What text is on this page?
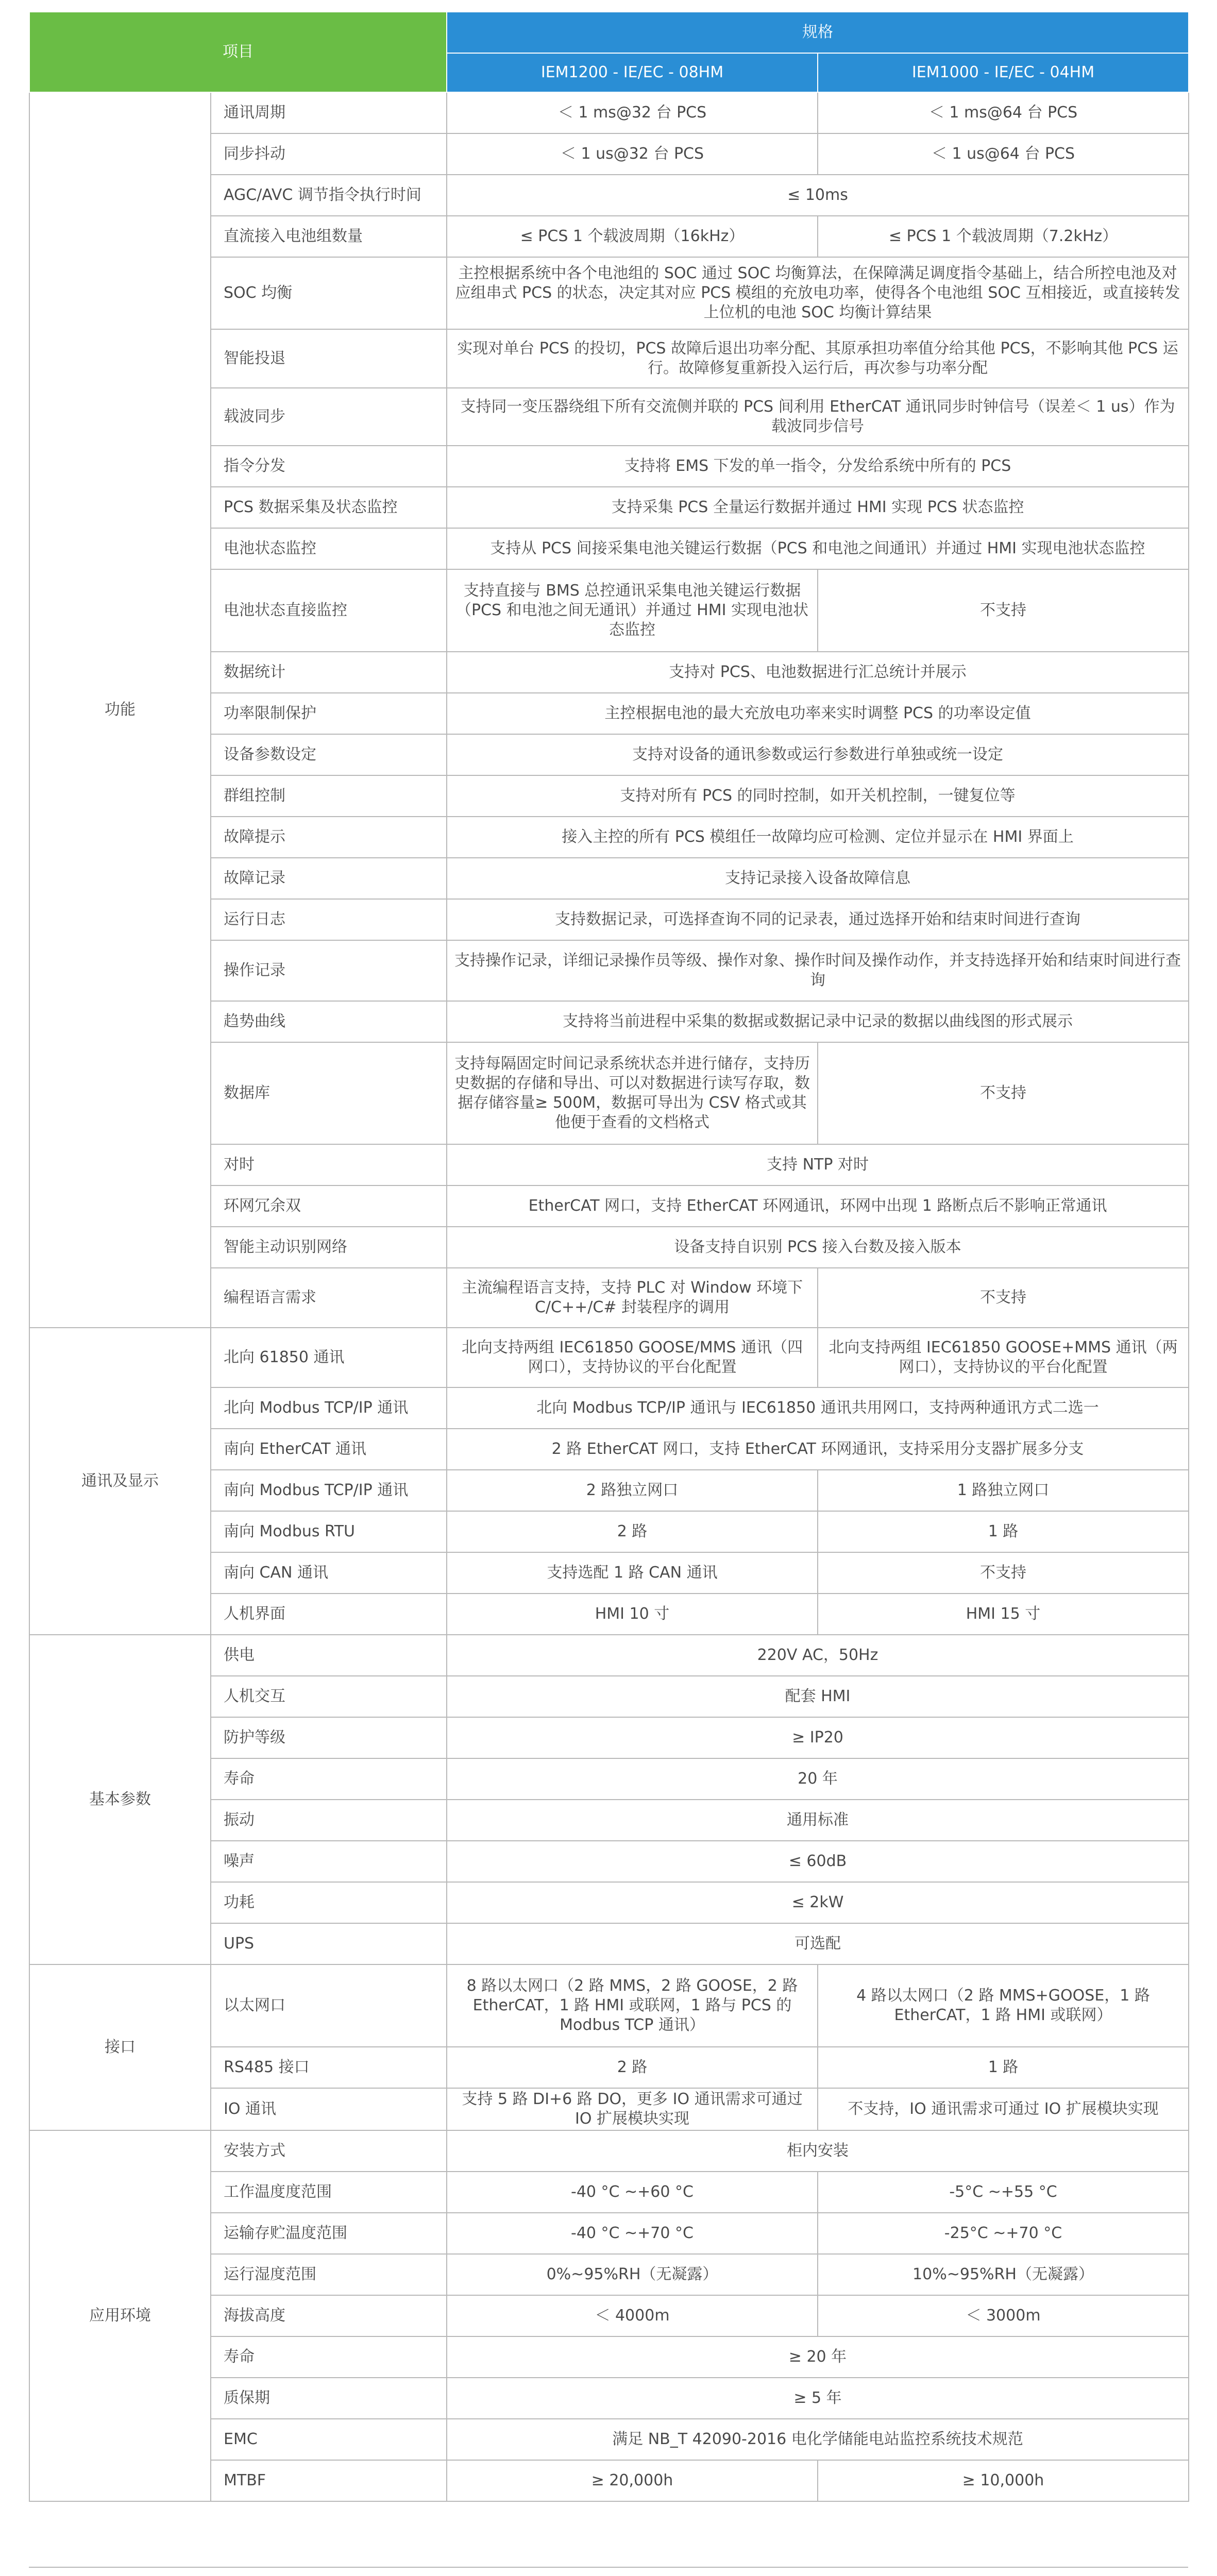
项目		规格	
		IEM1200 - IE/EC - 08HM	IEM1000 - IE/EC - 04HM
功能	通讯周期	＜ 1 ms@32 台 PCS	＜ 1 ms@64 台 PCS
	同步抖动	＜ 1 us@32 台 PCS	＜ 1 us@64 台 PCS
	AGC/AVC 调节指令执行时间	≤ 10ms	
	直流接入电池组数量	≤ PCS 1 个载波周期（16kHz）	≤ PCS 1 个载波周期（7.2kHz）
	SOC 均衡	主控根据系统中各个电池组的 SOC 通过 SOC 均衡算法，在保障满足调度指令基础上，结合所控电池及对应组串式 PCS 的状态，决定其对应 PCS 模组的充放电功率，使得各个电池组 SOC 互相接近，或直接转发上位机的电池 SOC 均衡计算结果	
	智能投退	实现对单台 PCS 的投切，PCS 故障后退出功率分配、其原承担功率值分给其他 PCS，不影响其他 PCS 运行。故障修复重新投入运行后，再次参与功率分配	
	载波同步	支持同一变压器绕组下所有交流侧并联的 PCS 间利用 EtherCAT 通讯同步时钟信号（误差＜ 1 us）作为载波同步信号	
	指令分发	支持将 EMS 下发的单一指令，分发给系统中所有的 PCS	
	PCS 数据采集及状态监控	支持采集 PCS 全量运行数据并通过 HMI 实现 PCS 状态监控	
	电池状态监控	支持从 PCS 间接采集电池关键运行数据（PCS 和电池之间通讯）并通过 HMI 实现电池状态监控	
	电池状态直接监控	支持直接与 BMS 总控通讯采集电池关键运行数据（PCS 和电池之间无通讯）并通过 HMI 实现电池状态监控	不支持
	数据统计	支持对 PCS、电池数据进行汇总统计并展示	
	功率限制保护	主控根据电池的最大充放电功率来实时调整 PCS 的功率设定值	
	设备参数设定	支持对设备的通讯参数或运行参数进行单独或统一设定	
	群组控制	支持对所有 PCS 的同时控制，如开关机控制，一键复位等	
	故障提示	接入主控的所有 PCS 模组任一故障均应可检测、定位并显示在 HMI 界面上	
	故障记录	支持记录接入设备故障信息	
	运行日志	支持数据记录，可选择查询不同的记录表，通过选择开始和结束时间进行查询	
	操作记录	支持操作记录，详细记录操作员等级、操作对象、操作时间及操作动作，并支持选择开始和结束时间进行查询	
	趋势曲线	支持将当前进程中采集的数据或数据记录中记录的数据以曲线图的形式展示	
	数据库	支持每隔固定时间记录系统状态并进行储存，支持历史数据的存储和导出、可以对数据进行读写存取，数据存储容量≥ 500M，数据可导出为 CSV 格式或其他便于查看的文档格式	不支持
	对时	支持 NTP 对时	
	环网冗余双	EtherCAT 网口，支持 EtherCAT 环网通讯，环网中出现 1 路断点后不影响正常通讯	
	智能主动识别网络	设备支持自识别 PCS 接入台数及接入版本	
	编程语言需求	主流编程语言支持，支持 PLC 对 Window 环境下 C/C++/C# 封装程序的调用	不支持
通讯及显示	北向 61850 通讯	北向支持两组 IEC61850 GOOSE/MMS 通讯（四网口），支持协议的平台化配置	北向支持两组 IEC61850 GOOSE+MMS 通讯（两网口），支持协议的平台化配置
	北向 Modbus TCP/IP 通讯	北向 Modbus TCP/IP 通讯与 IEC61850 通讯共用网口，支持两种通讯方式二选一	
	南向 EtherCAT 通讯	2 路 EtherCAT 网口，支持 EtherCAT 环网通讯，支持采用分支器扩展多分支	
	南向 Modbus TCP/IP 通讯	2 路独立网口	1 路独立网口
	南向 Modbus RTU	2 路	1 路
	南向 CAN 通讯	支持选配 1 路 CAN 通讯	不支持
	人机界面	HMI 10 寸	HMI 15 寸
基本参数	供电	220V AC，50Hz	
	人机交互	配套 HMI	
	防护等级	≥ IP20	
	寿命	20 年	
	振动	通用标准	
	噪声	≤ 60dB	
	功耗	≤ 2kW	
	UPS	可选配	
接口	以太网口	8 路以太网口（2 路 MMS，2 路 GOOSE，2 路 EtherCAT，1 路 HMI 或联网，1 路与 PCS 的 Modbus TCP 通讯）	4 路以太网口（2 路 MMS+GOOSE，1 路 EtherCAT，1 路 HMI 或联网）
	RS485 接口	2 路	1 路
	IO 通讯	支持 5 路 DI+6 路 DO，更多 IO 通讯需求可通过 IO 扩展模块实现	不支持，IO 通讯需求可通过 IO 扩展模块实现
应用环境	安装方式	柜内安装	
	工作温度度范围	-40 °C ~+60 °C	-5°C ~+55 °C
	运输存贮温度范围	-40 °C ~+70 °C	-25°C ~+70 °C
	运行湿度范围	0%~95%RH（无凝露）	10%~95%RH（无凝露）
	海拔高度	＜ 4000m	＜ 3000m
	寿命	≥ 20 年	
	质保期	≥ 5 年	
	EMC	满足 NB_T 42090-2016 电化学储能电站监控系统技术规范	
	MTBF	≥ 20,000h	≥ 10,000h
